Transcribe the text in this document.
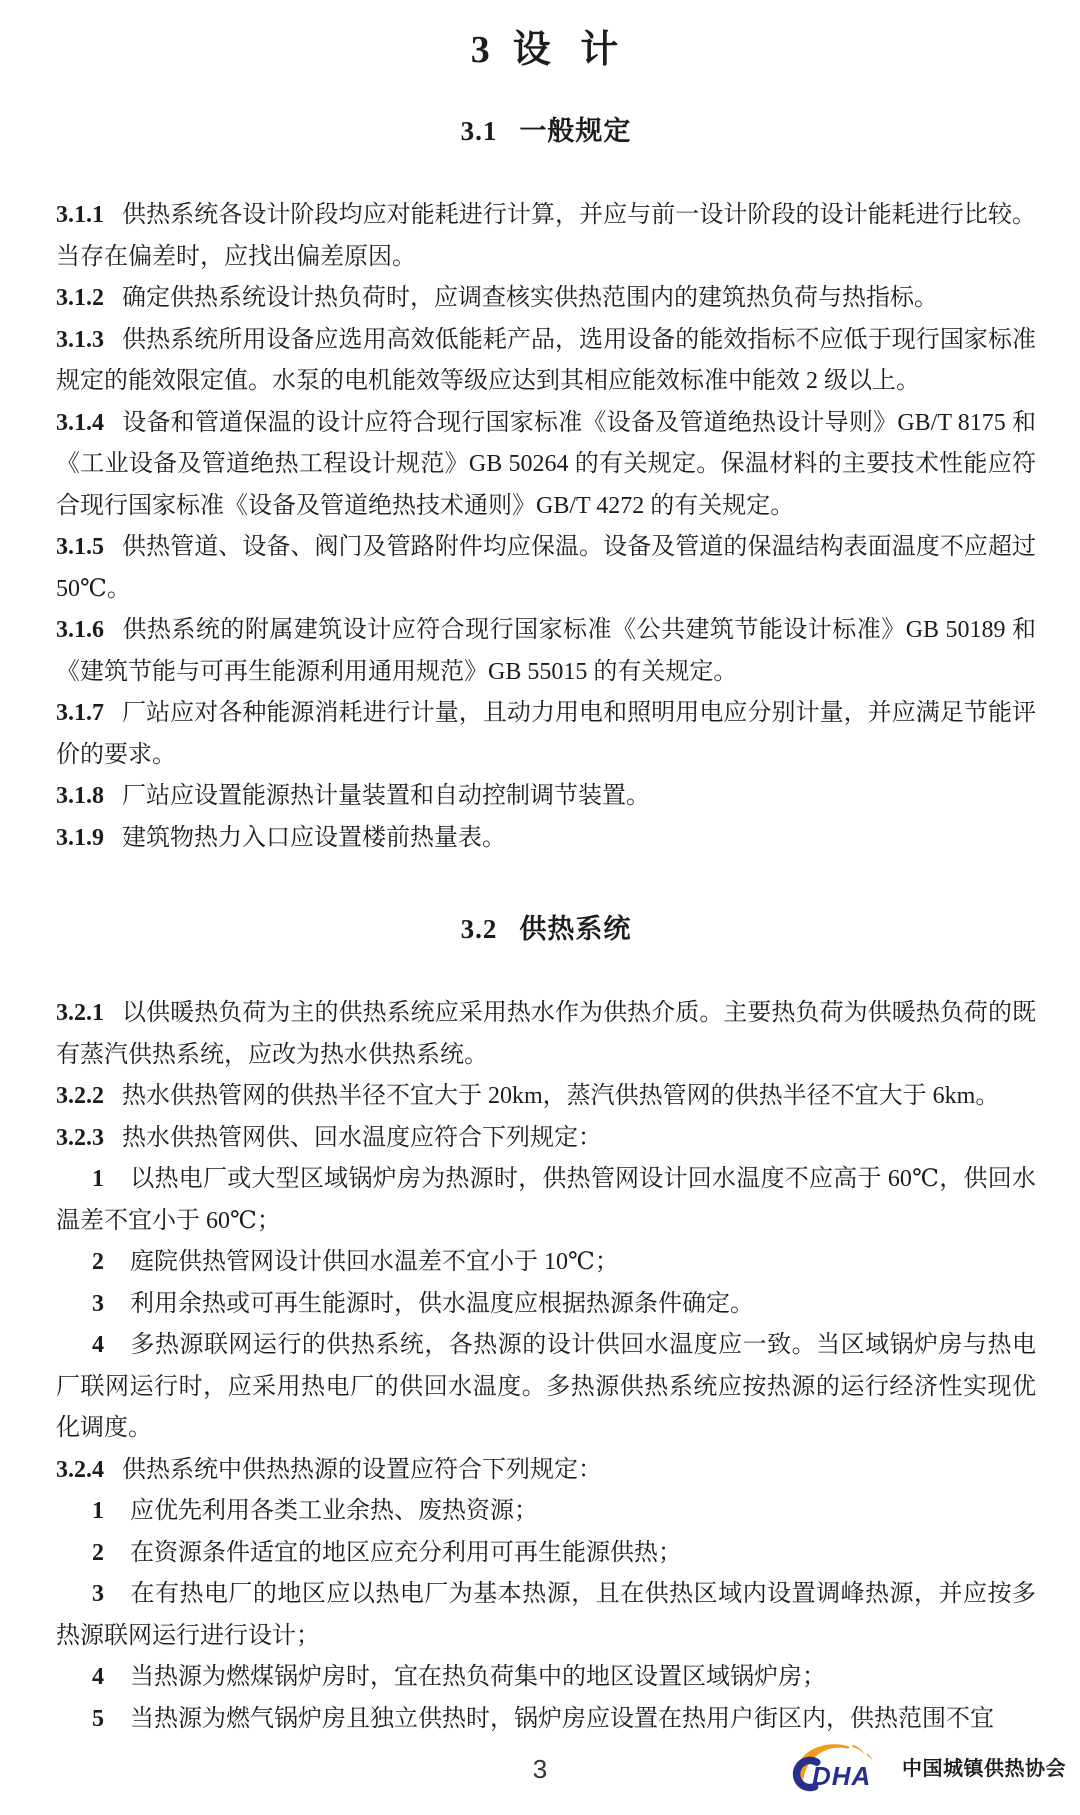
3 设 计
3.1 一般规定

3.1.1 供热系统各设计阶段均应对能耗进行计算，并应与前一设计阶段的设计能耗进行比较。当存在偏差时，应找出偏差原因。

3.1.2 确定供热系统设计热负荷时，应调查核实供热范围内的建筑热负荷与热指标。

3.1.3 供热系统所用设备应选用高效低能耗产品，选用设备的能效指标不应低于现行国家标准规定的能效限定值。水泵的电机能效等级应达到其相应能效标准中能效 2 级以上。

3.1.4 设备和管道保温的设计应符合现行国家标准《设备及管道绝热设计导则》GB/T 8175 和《工业设备及管道绝热工程设计规范》GB 50264 的有关规定。保温材料的主要技术性能应符合现行国家标准《设备及管道绝热技术通则》GB/T 4272 的有关规定。

3.1.5 供热管道、设备、阀门及管路附件均应保温。设备及管道的保温结构表面温度不应超过 50℃。

3.1.6 供热系统的附属建筑设计应符合现行国家标准《公共建筑节能设计标准》GB 50189 和《建筑节能与可再生能源利用通用规范》GB 55015 的有关规定。

3.1.7 厂站应对各种能源消耗进行计量，且动力用电和照明用电应分别计量，并应满足节能评价的要求。

3.1.8 厂站应设置能源热计量装置和自动控制调节装置。

3.1.9 建筑物热力入口应设置楼前热量表。

3.2 供热系统

3.2.1 以供暖热负荷为主的供热系统应采用热水作为供热介质。主要热负荷为供暖热负荷的既有蒸汽供热系统，应改为热水供热系统。

3.2.2 热水供热管网的供热半径不宜大于 20km，蒸汽供热管网的供热半径不宜大于 6km。

3.2.3 热水供热管网供、回水温度应符合下列规定：

1 以热电厂或大型区域锅炉房为热源时，供热管网设计回水温度不应高于 60℃，供回水温差不宜小于 60℃；

2 庭院供热管网设计供回水温差不宜小于 10℃；

3 利用余热或可再生能源时，供水温度应根据热源条件确定。

4 多热源联网运行的供热系统，各热源的设计供回水温度应一致。当区域锅炉房与热电厂联网运行时，应采用热电厂的供回水温度。多热源供热系统应按热源的运行经济性实现优化调度。

3.2.4 供热系统中供热热源的设置应符合下列规定：

1 应优先利用各类工业余热、废热资源；

2 在资源条件适宜的地区应充分利用可再生能源供热；

3 在有热电厂的地区应以热电厂为基本热源，且在供热区域内设置调峰热源，并应按多热源联网运行进行设计；

4 当热源为燃煤锅炉房时，宜在热负荷集中的地区设置区域锅炉房；

5 当热源为燃气锅炉房且独立供热时，锅炉房应设置在热用户街区内，供热范围不宜

3	DHA 中国城镇供热协会
